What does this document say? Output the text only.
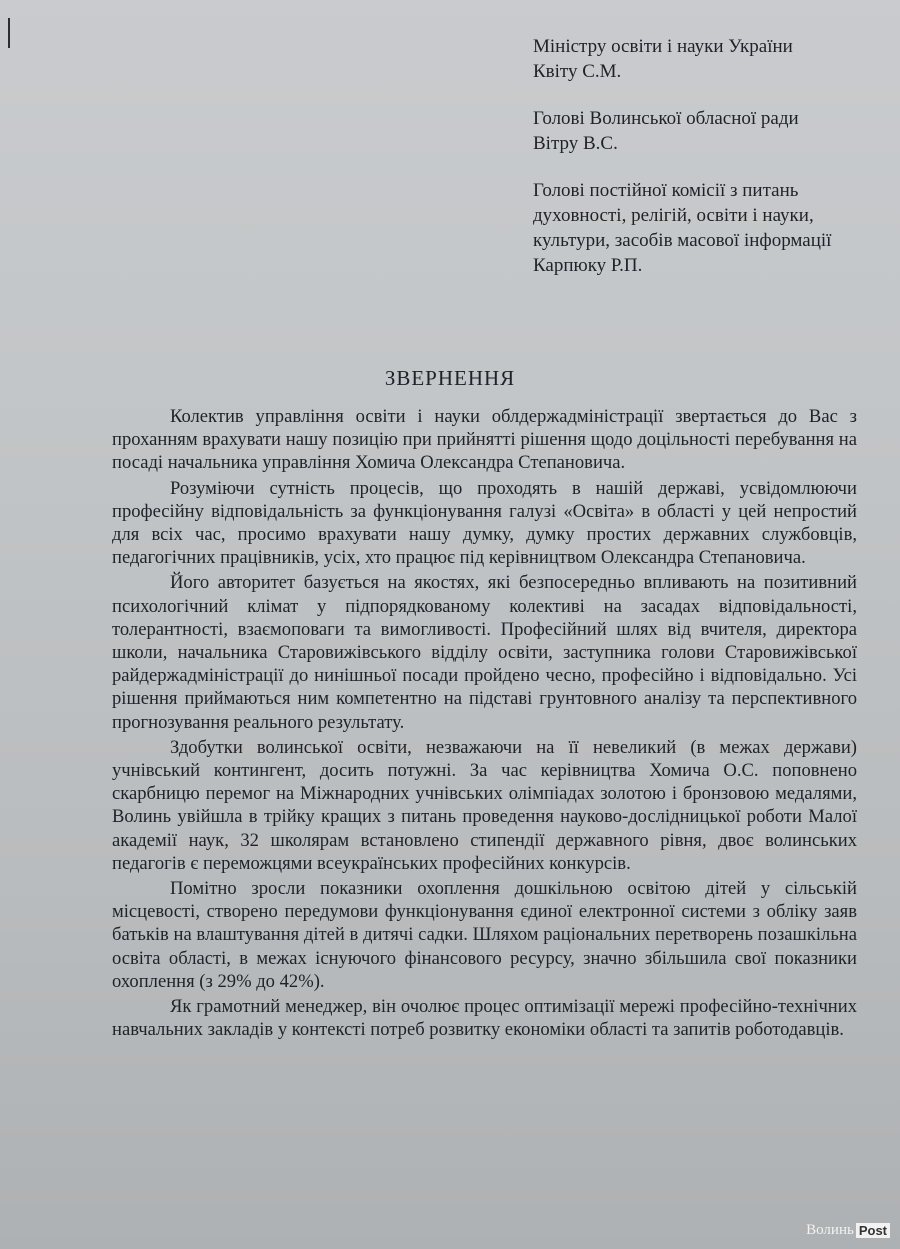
Міністру освіти і науки України
Квіту С.М.
Голові Волинської обласної ради
Вітру В.С.
Голові постійної комісії з питань
духовності, релігій, освіти і науки,
культури, засобів масової інформації
Карпюку Р.П.
ЗВЕРНЕННЯ

Колектив управління освіти і науки облдержадміністрації звертається до Вас з проханням врахувати нашу позицію при прийнятті рішення щодо доцільності перебування на посаді начальника управління Хомича Олександра Степановича.

Розуміючи сутність процесів, що проходять в нашій державі, усвідомлюючи професійну відповідальність за функціонування галузі «Освіта» в області у цей непростий для всіх час, просимо врахувати нашу думку, думку простих державних службовців, педагогічних працівників, усіх, хто працює під керівництвом Олександра Степановича.

Його авторитет базується на якостях, які безпосередньо впливають на позитивний психологічний клімат у підпорядкованому колективі на засадах відповідальності, толерантності, взаємоповаги та вимогливості. Професійний шлях від вчителя, директора школи, начальника Старовижівського відділу освіти, заступника голови Старовижівської райдержадміністрації до нинішньої посади пройдено чесно, професійно і відповідально. Усі рішення приймаються ним компетентно на підставі грунтовного аналізу та перспективного прогнозування реального результату.

Здобутки волинської освіти, незважаючи на її невеликий (в межах держави) учнівський контингент, досить потужні. За час керівництва Хомича О.С. поповнено скарбницю перемог на Міжнародних учнівських олімпіадах золотою і бронзовою медалями, Волинь увійшла в трійку кращих з питань проведення науково-дослідницької роботи Малої академії наук, 32 школярам встановлено стипендії державного рівня, двоє волинських педагогів є переможцями всеукраїнських професійних конкурсів.

Помітно зросли показники охоплення дошкільною освітою дітей у сільській місцевості, створено передумови функціонування єдиної електронної системи з обліку заяв батьків на влаштування дітей в дитячі садки. Шляхом раціональних перетворень позашкільна освіта області, в межах існуючого фінансового ресурсу, значно збільшила свої показники охоплення (з 29% до 42%).

Як грамотний менеджер, він очолює процес оптимізації мережі професійно-технічних навчальних закладів у контексті потреб розвитку економіки області та запитів роботодавців.

Волинь Post
